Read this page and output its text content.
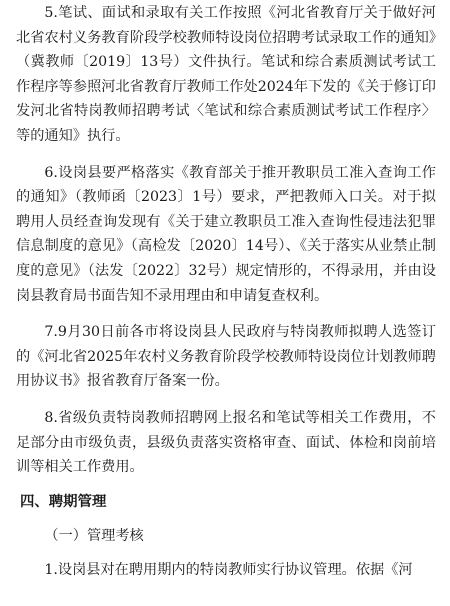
5.笔试、面试和录取有关工作按照《河北省教育厅关于做好河北省农村义务教育阶段学校教师特设岗位招聘考试录取工作的通知》（冀教师〔2019〕13号）文件执行。笔试和综合素质测试考试工作程序等参照河北省教育厅教师工作处2024年下发的《关于修订印发河北省特岗教师招聘考试〈笔试和综合素质测试考试工作程序〉等的通知》执行。

6.设岗县要严格落实《教育部关于推开教职员工准入查询工作的通知》（教师函〔2023〕1号）要求，严把教师入口关。对于拟聘用人员经查询发现有《关于建立教职员工准入查询性侵违法犯罪信息制度的意见》（高检发〔2020〕14号）、《关于落实从业禁止制度的意见》（法发〔2022〕32号）规定情形的，不得录用，并由设岗县教育局书面告知不录用理由和申请复查权利。

7.9月30日前各市将设岗县人民政府与特岗教师拟聘人选签订的《河北省2025年农村义务教育阶段学校教师特设岗位计划教师聘用协议书》报省教育厅备案一份。

8.省级负责特岗教师招聘网上报名和笔试等相关工作费用，不足部分由市级负责，县级负责落实资格审查、面试、体检和岗前培训等相关工作费用。

四、聘期管理

（一）管理考核

1.设岗县对在聘用期内的特岗教师实行协议管理。依据《河
